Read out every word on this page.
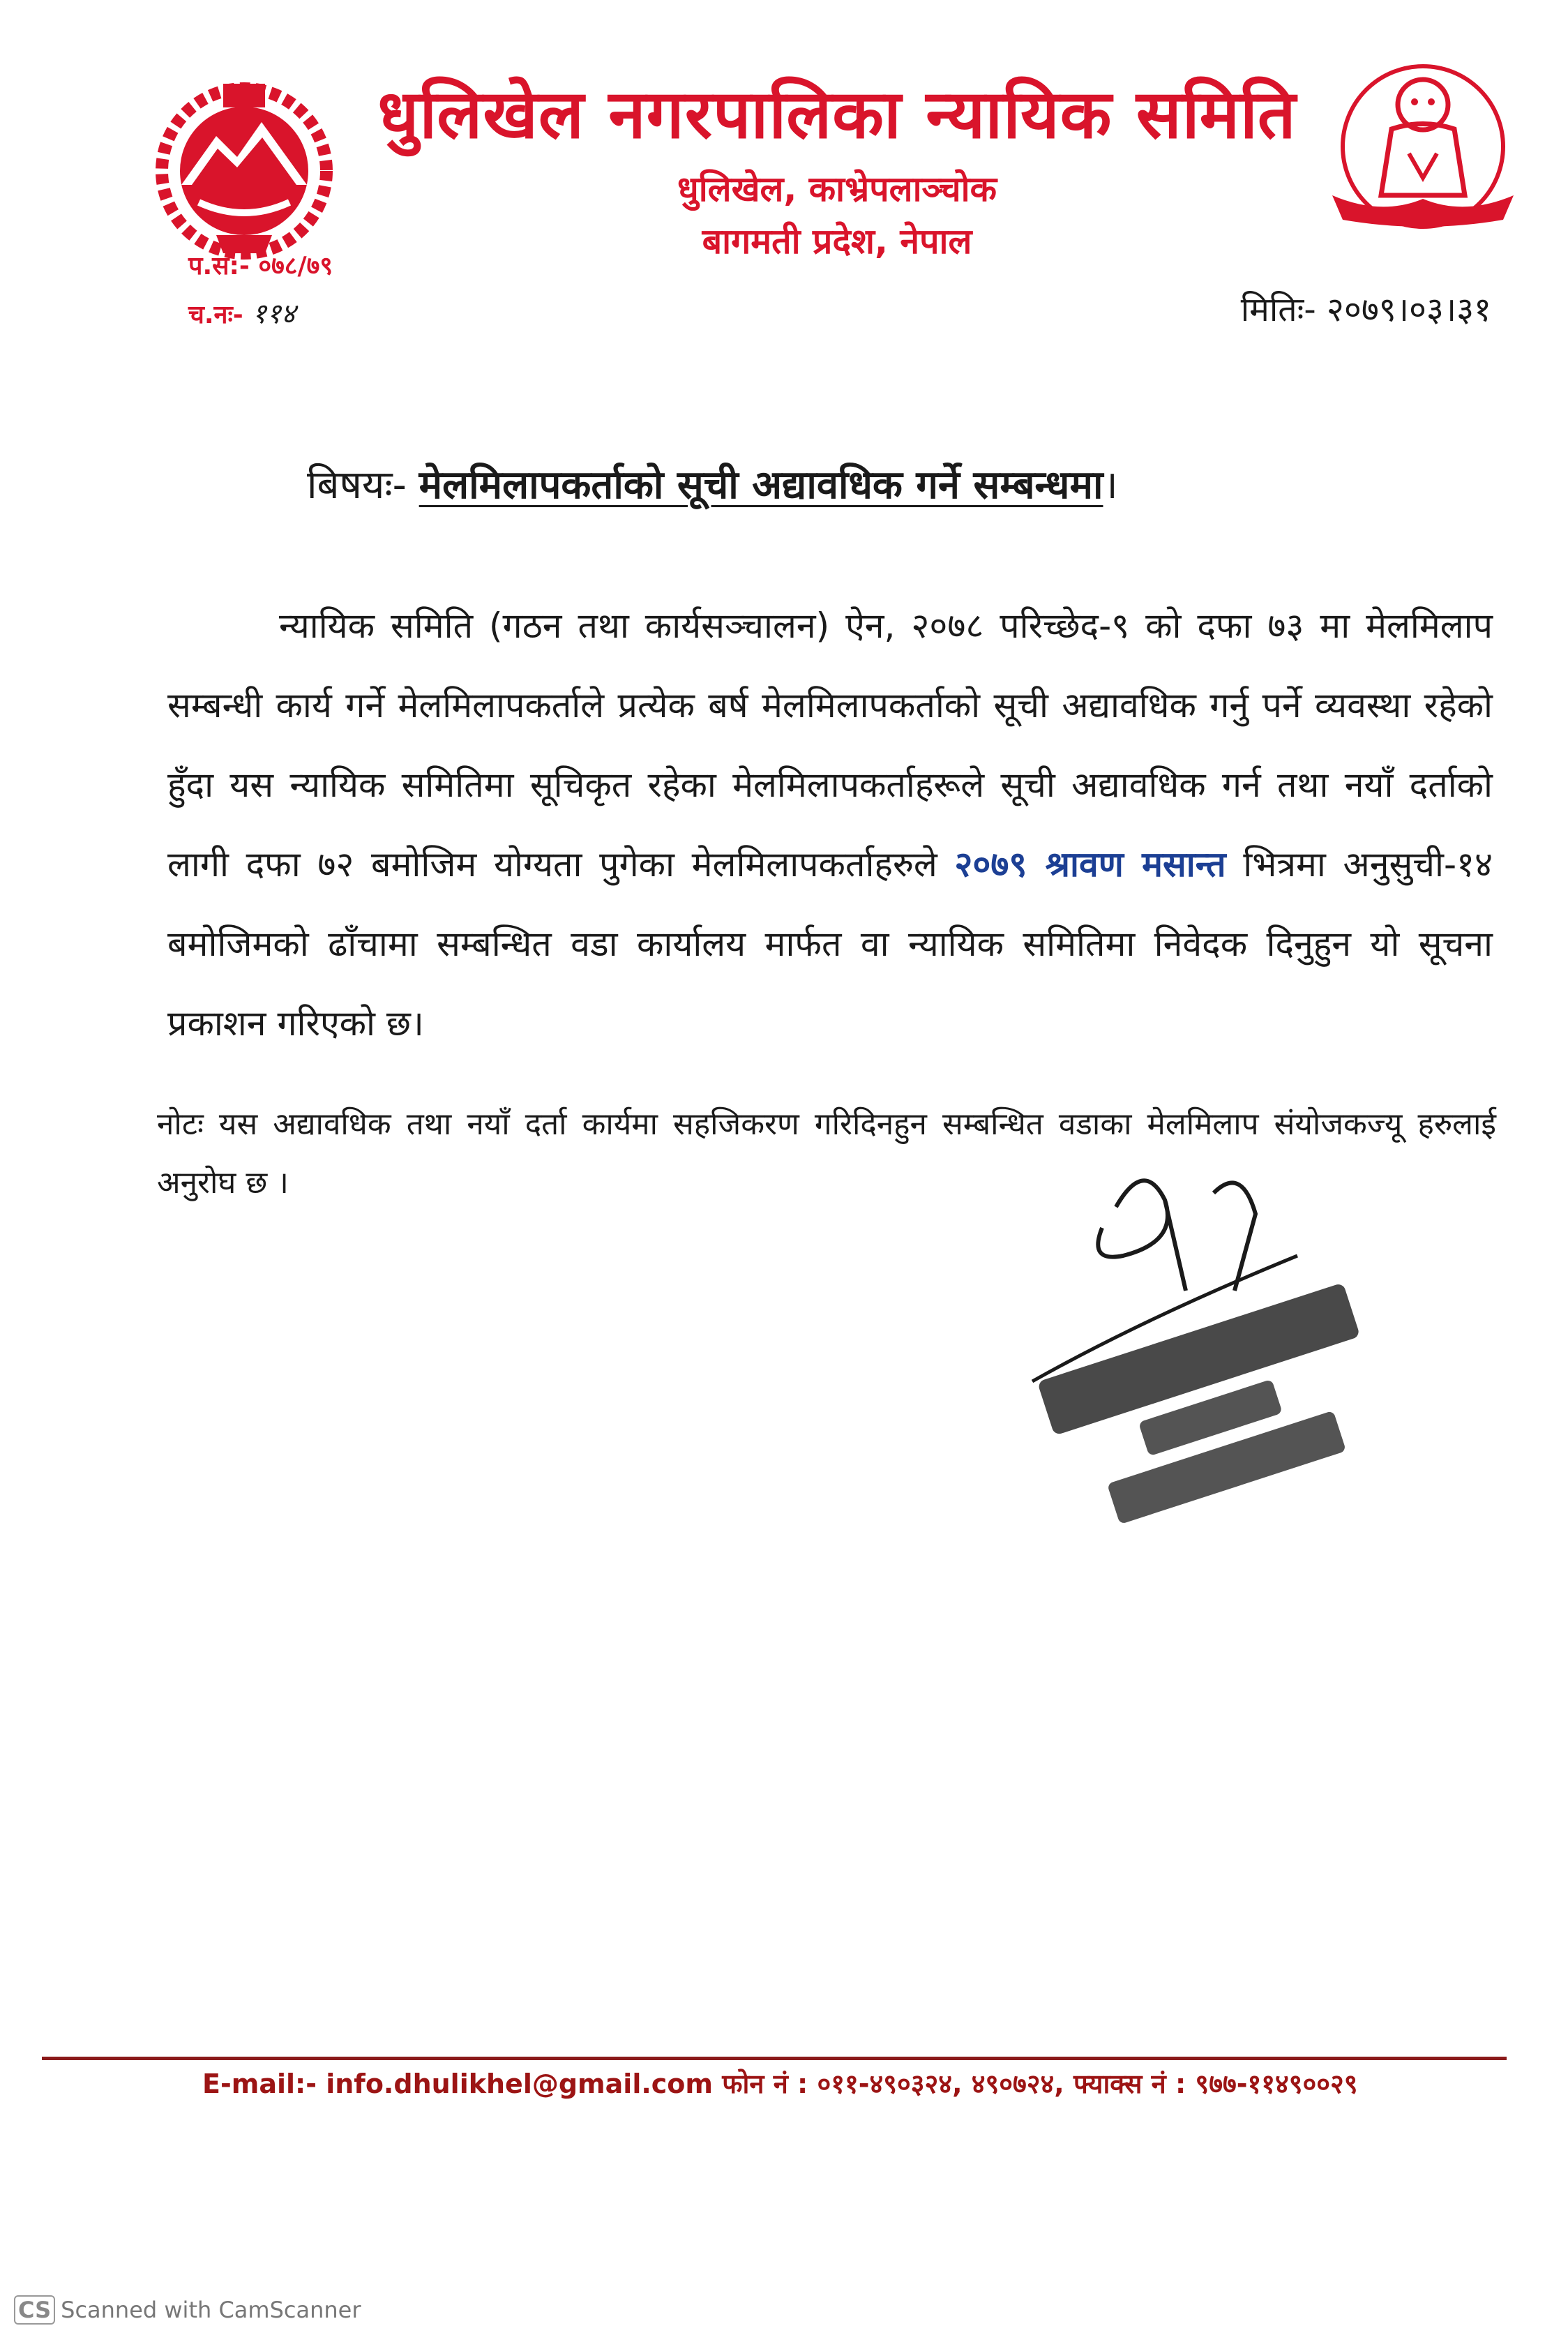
धुलिखेल नगरपालिका न्यायिक समिति
धुलिखेल, काभ्रेपलाञ्चोक
बागमती प्रदेश, नेपाल
प.स:- ०७८/७९
च.नः- ११४	मितिः- २०७९।०३।३१
बिषयः- मेलमिलापकर्ताको सूची अद्यावधिक गर्ने सम्बन्धमा।
न्यायिक समिति (गठन तथा कार्यसञ्चालन) ऐन, २०७८ परिच्छेद-९ को दफा ७३ मा मेलमिलाप सम्बन्धी कार्य गर्ने मेलमिलापकर्ताले प्रत्येक बर्ष मेलमिलापकर्ताको सूची अद्यावधिक गर्नु पर्ने व्यवस्था रहेको हुँदा यस न्यायिक समितिमा सूचिकृत रहेका मेलमिलापकर्ताहरूले सूची अद्यावधिक गर्न तथा नयाँ दर्ताको लागी दफा ७२ बमोजिम योग्यता पुगेका मेलमिलापकर्ताहरुले २०७९ श्रावण मसान्त भित्रमा अनुसुची-१४ बमोजिमको ढाँचामा सम्बन्धित वडा कार्यालय मार्फत वा न्यायिक समितिमा निवेदक दिनुहुन यो सूचना प्रकाशन गरिएको छ।
नोटः यस अद्यावधिक तथा नयाँ दर्ता कार्यमा सहजिकरण गरिदिनहुन सम्बन्धित वडाका मेलमिलाप संयोजकज्यू हरुलाई अनुरोघ छ ।
E-mail:- info.dhulikhel@gmail.com फोन नं : ०११-४९०३२४, ४९०७२४, फ्याक्स नं : ९७७-११४९००२९
CS Scanned with CamScanner
